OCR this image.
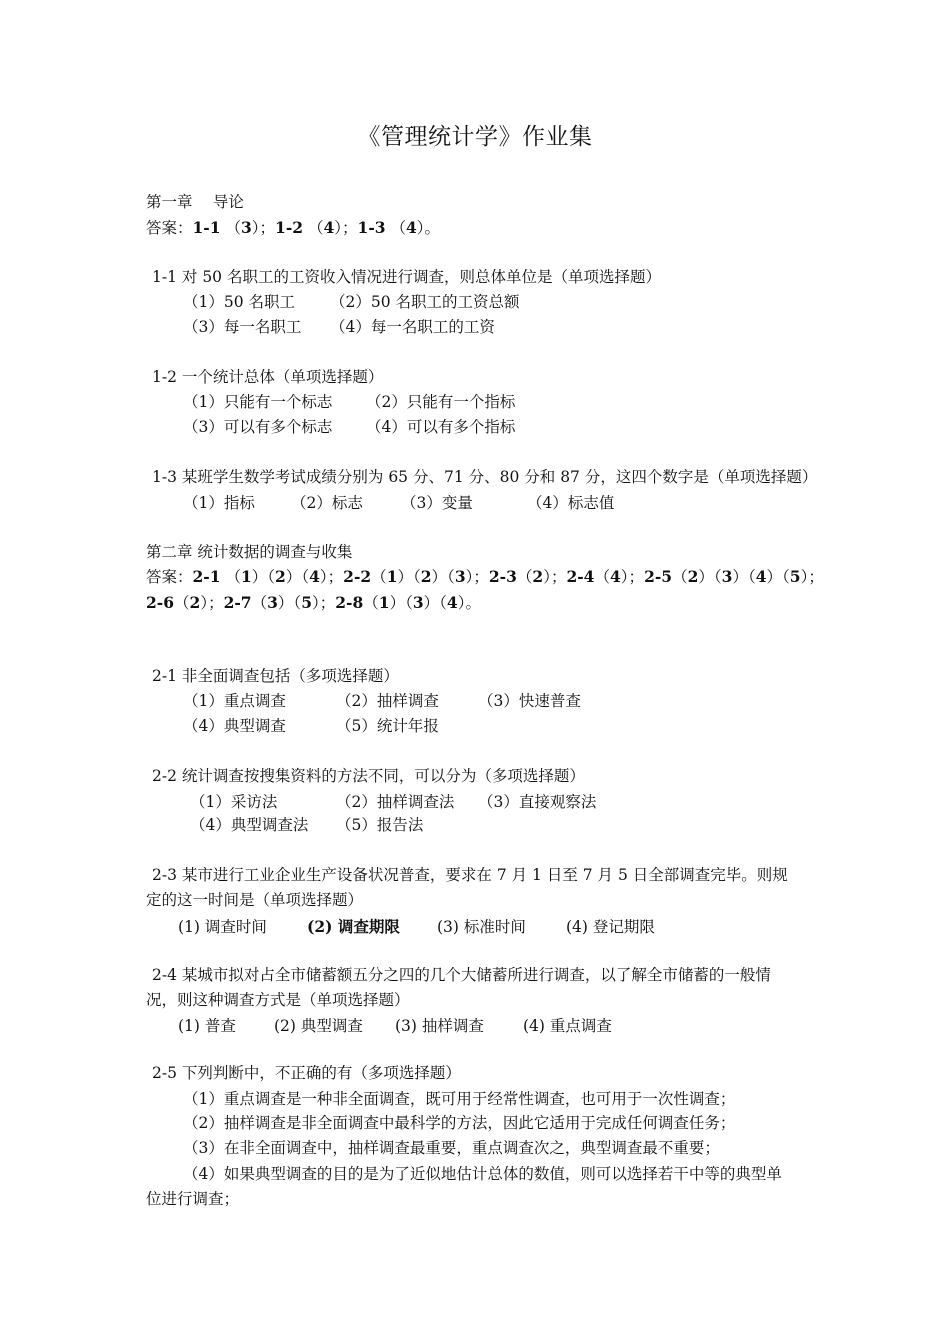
《管理统计学》作业集
第一章　 导论
答案：1-1 （3）；1-2 （4）；1-3 （4）。
1-1 对 50 名职工的工资收入情况进行调查，则总体单位是（单项选择题）
（1）50 名职工 （2）50 名职工的工资总额
（3）每一名职工 （4）每一名职工的工资
1-2 一个统计总体（单项选择题）
（1）只能有一个标志 （2）只能有一个指标
（3）可以有多个标志 （4）可以有多个指标
1-3 某班学生数学考试成绩分别为 65 分、71 分、80 分和 87 分，这四个数字是（单项选择题）
（1）指标 （2）标志 （3）变量	（4）标志值
第二章 统计数据的调查与收集
答案：2-1 （1）（2）（4）；2-2（1）（2）（3）；2-3（2）；2-4（4）；2-5（2）（3）（4）（5）；
2-6（2）；2-7（3）（5）；2-8（1）（3）（4）。
2-1 非全面调查包括（多项选择题）
（1）重点调查	（2）抽样调查	（3）快速普查
（4）典型调查	（5）统计年报
2-2 统计调查按搜集资料的方法不同，可以分为（多项选择题）
（1）采访法	（2）抽样调查法 （3）直接观察法
（4）典型调查法 （5）报告法
2-3 某市进行工业企业生产设备状况普查，要求在 7 月 1 日至 7 月 5 日全部调查完毕。则规
定的这一时间是（单项选择题）
(1) 调查时间	(2) 调查期限 (3) 标准时间	(4) 登记期限
2-4 某城市拟对占全市储蓄额五分之四的几个大储蓄所进行调查，以了解全市储蓄的一般情
况，则这种调查方式是（单项选择题）
(1) 普查 (2) 典型调查 (3) 抽样调查	(4) 重点调查
2-5 下列判断中，不正确的有（多项选择题）
（1）重点调查是一种非全面调查，既可用于经常性调查，也可用于一次性调查；
（2）抽样调查是非全面调查中最科学的方法，因此它适用于完成任何调查任务；
（3）在非全面调查中，抽样调查最重要，重点调查次之，典型调查最不重要；
（4）如果典型调查的目的是为了近似地估计总体的数值，则可以选择若干中等的典型单
位进行调查；
